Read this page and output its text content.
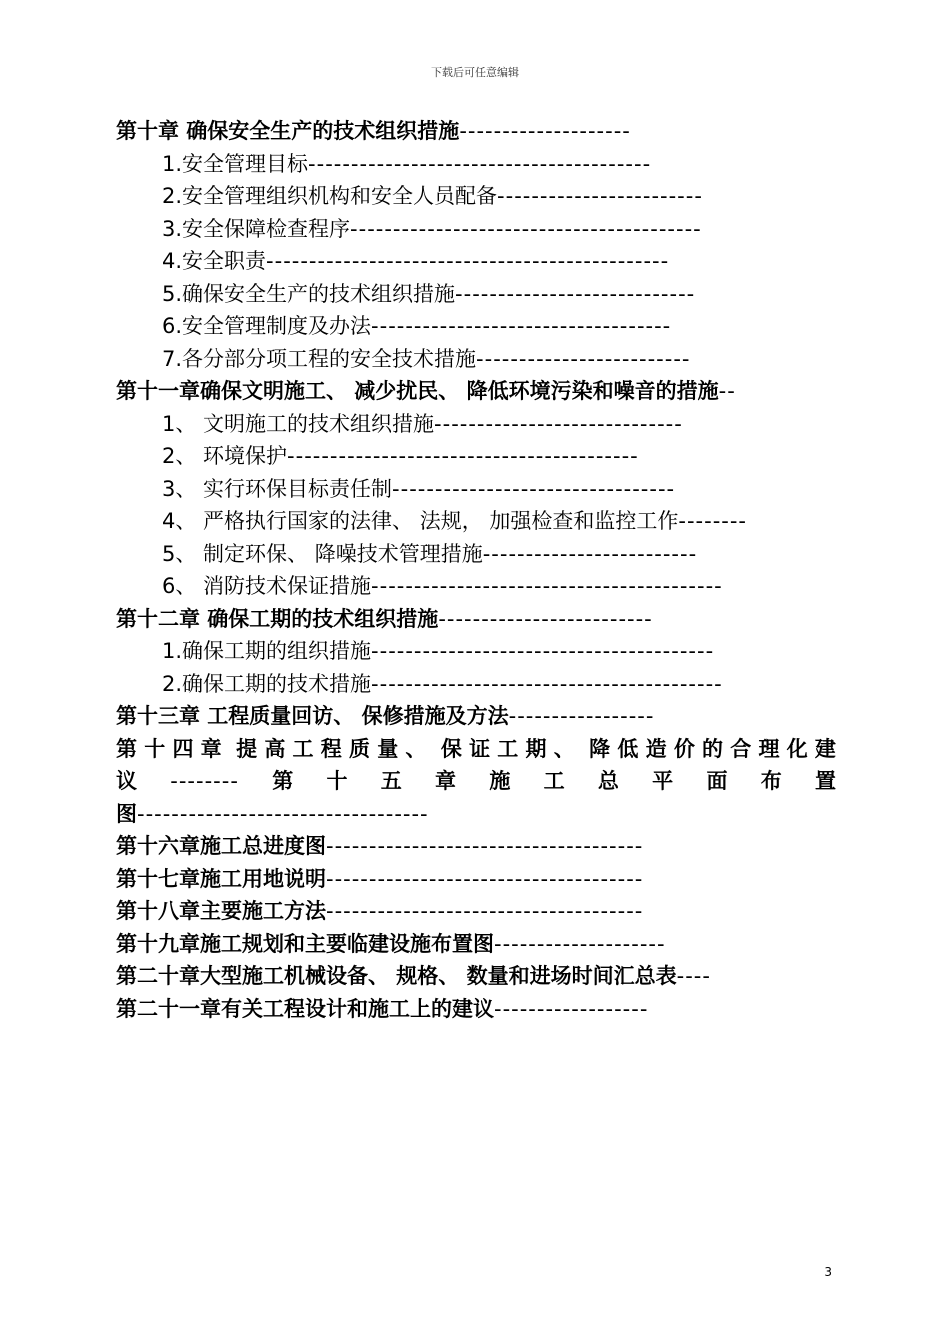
下载后可任意编辑
第十章 确保安全生产的技术组织措施--------------------
1.安全管理目标----------------------------------------
2.安全管理组织机构和安全人员配备------------------------
3.安全保障检查程序-----------------------------------------
4.安全职责-----------------------------------------------
5.确保安全生产的技术组织措施----------------------------
6.安全管理制度及办法-----------------------------------
7.各分部分项工程的安全技术措施-------------------------
第十一章确保文明施工、 减少扰民、 降低环境污染和噪音的措施--
1、 文明施工的技术组织措施-----------------------------
2、 环境保护-----------------------------------------
3、 实行环保目标责任制---------------------------------
4、 严格执行国家的法律、 法规， 加强检查和监控工作--------
5、 制定环保、 降噪技术管理措施-------------------------
6、 消防技术保证措施-----------------------------------------
第十二章 确保工期的技术组织措施-------------------------
1.确保工期的组织措施----------------------------------------
2.确保工期的技术措施-----------------------------------------
第十三章 工程质量回访、 保修措施及方法-----------------
第 十 四 章 提 高 工 程 质 量 、 保 证 工 期 、 降 低 造 价 的 合 理 化 建
议 -------- 第 十 五 章 施 工 总 平 面 布 置
图----------------------------------
第十六章施工总进度图-------------------------------------
第十七章施工用地说明-------------------------------------
第十八章主要施工方法-------------------------------------
第十九章施工规划和主要临建设施布置图--------------------
第二十章大型施工机械设备、 规格、 数量和进场时间汇总表----
第二十一章有关工程设计和施工上的建议------------------
3
